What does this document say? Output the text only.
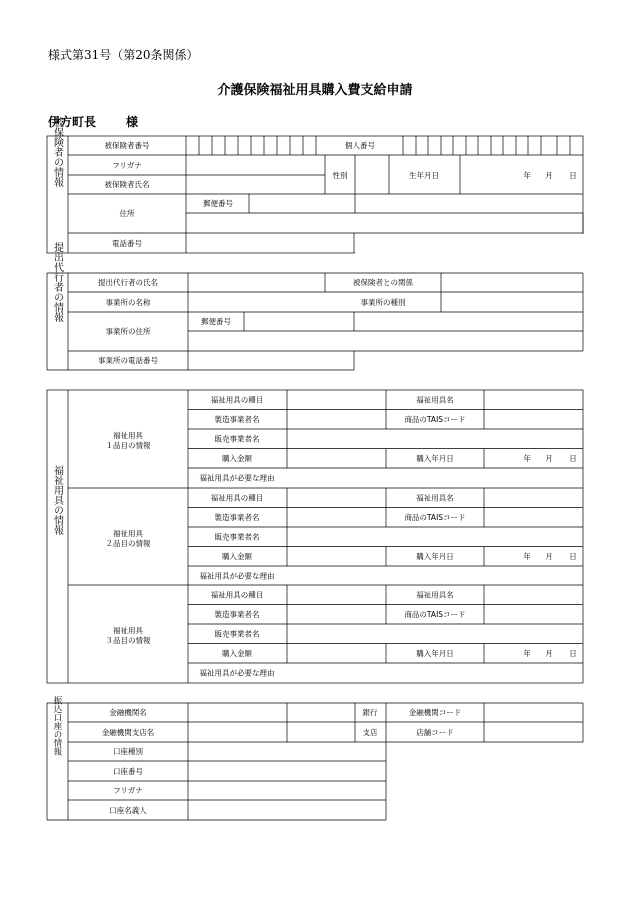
様式第31号（第20条関係）
介護保険福祉用具購入費支給申請
伊方町長 様
被保険者の情報	被保険者番号	個人番号
フリガナ
性別	生年月日	年 月 日
被保険者氏名
郵便番号
住所
電話番号
提出代行者の情報	提出代行者の氏名	被保険者との関係
事業所の名称	事業所の種別
郵便番号
事業所の住所
事業所の電話番号
福祉用具の情報
福祉用具
１品目の情報
福祉用具の種目	福祉用具名
製造事業者名	商品のTAISコード
販売事業者名
購入金額	購入年月日	年 月 日
福祉用具が必要な理由
福祉用具
２品目の情報
福祉用具の種目	福祉用具名
製造事業者名	商品のTAISコード
販売事業者名
購入金額	購入年月日	年 月 日
福祉用具が必要な理由
福祉用具
３品目の情報
福祉用具の種目	福祉用具名
製造事業者名	商品のTAISコード
販売事業者名
購入金額	購入年月日	年 月 日
福祉用具が必要な理由
振込口座の情報	金融機関名	銀行	金融機関コード
金融機関支店名	支店	店舗コード
口座種別
口座番号
フリガナ
口座名義人
